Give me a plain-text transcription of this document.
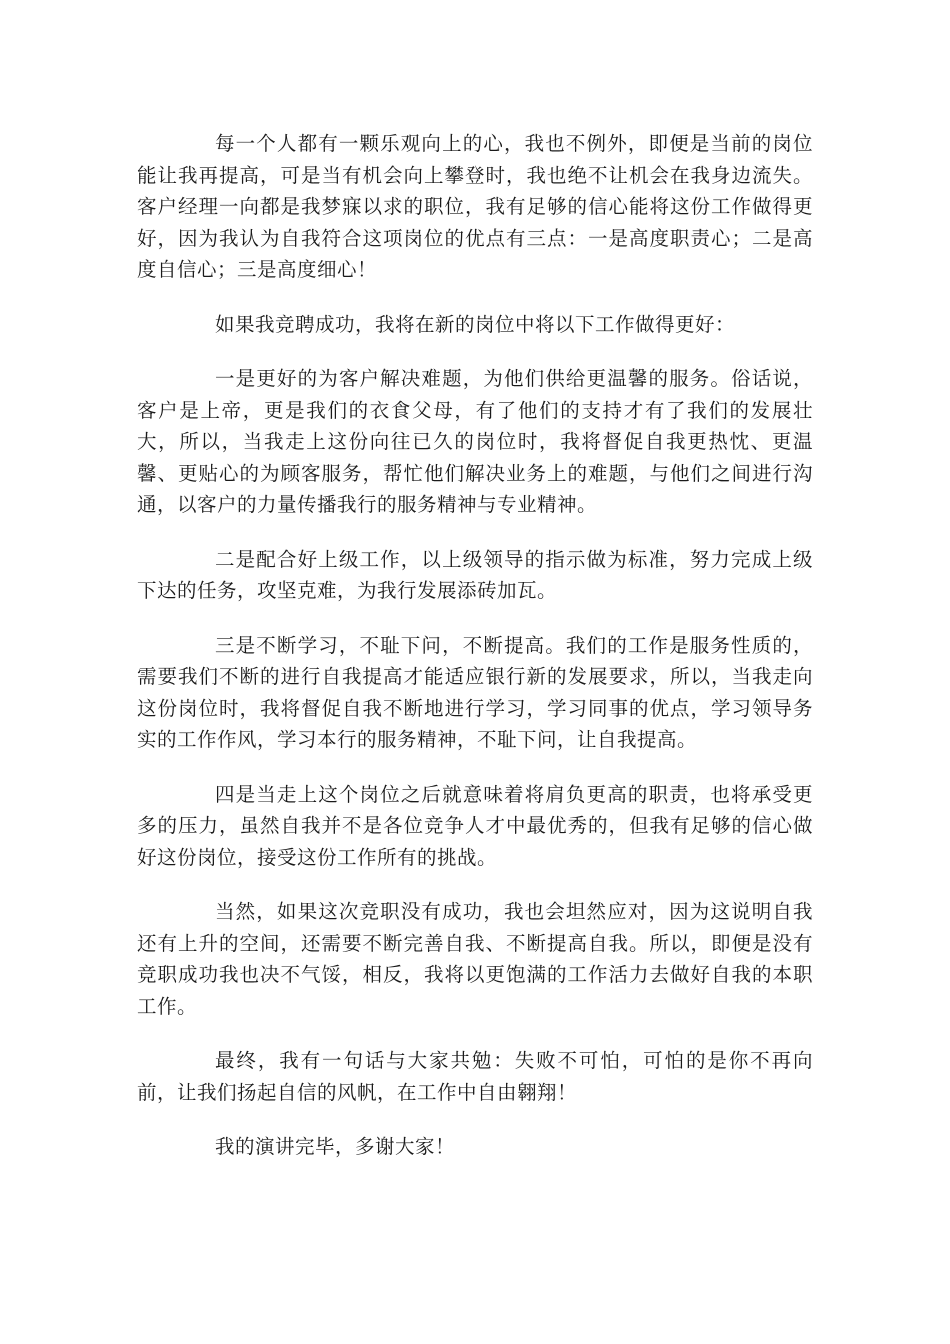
每一个人都有一颗乐观向上的心，我也不例外，即便是当前的岗位能让我再提高，可是当有机会向上攀登时，我也绝不让机会在我身边流失。客户经理一向都是我梦寐以求的职位，我有足够的信心能将这份工作做得更好，因为我认为自我符合这项岗位的优点有三点：一是高度职责心；二是高度自信心；三是高度细心！

如果我竞聘成功，我将在新的岗位中将以下工作做得更好：

一是更好的为客户解决难题，为他们供给更温馨的服务。俗话说，客户是上帝，更是我们的衣食父母，有了他们的支持才有了我们的发展壮大，所以，当我走上这份向往已久的岗位时，我将督促自我更热忱、更温馨、更贴心的为顾客服务，帮忙他们解决业务上的难题，与他们之间进行沟通，以客户的力量传播我行的服务精神与专业精神。

二是配合好上级工作，以上级领导的指示做为标准，努力完成上级下达的任务，攻坚克难，为我行发展添砖加瓦。

三是不断学习，不耻下问，不断提高。我们的工作是服务性质的，需要我们不断的进行自我提高才能适应银行新的发展要求，所以，当我走向这份岗位时，我将督促自我不断地进行学习，学习同事的优点，学习领导务实的工作作风，学习本行的服务精神，不耻下问，让自我提高。

四是当走上这个岗位之后就意味着将肩负更高的职责，也将承受更多的压力，虽然自我并不是各位竞争人才中最优秀的，但我有足够的信心做好这份岗位，接受这份工作所有的挑战。

当然，如果这次竞职没有成功，我也会坦然应对，因为这说明自我还有上升的空间，还需要不断完善自我、不断提高自我。所以，即便是没有竞职成功我也决不气馁，相反，我将以更饱满的工作活力去做好自我的本职工作。

最终，我有一句话与大家共勉：失败不可怕，可怕的是你不再向前，让我们扬起自信的风帆，在工作中自由翱翔！

我的演讲完毕，多谢大家！
